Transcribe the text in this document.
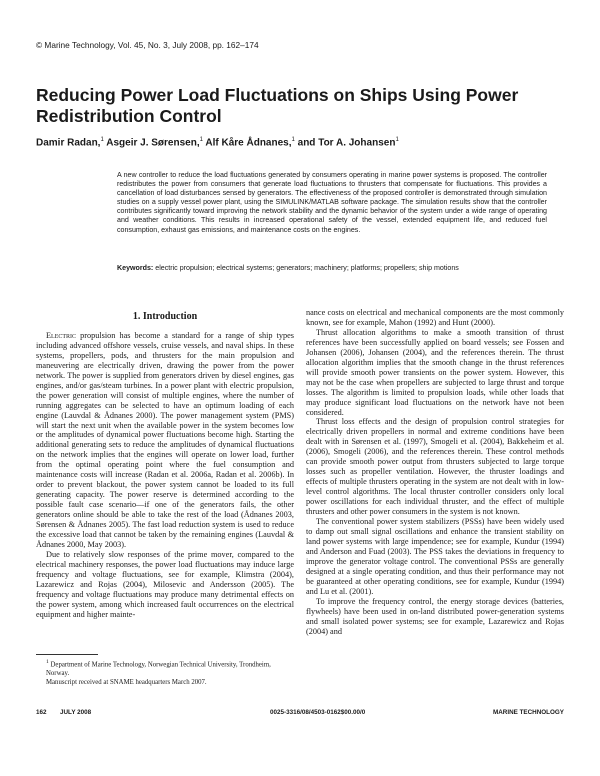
© Marine Technology, Vol. 45, No. 3, July 2008, pp. 162–174
Reducing Power Load Fluctuations on Ships Using Power Redistribution Control
Damir Radan,$^1$ Asgeir J. Sørensen,$^1$ Alf Kåre Ådnanes,$^1$ and Tor A. Johansen$^1$
A new controller to reduce the load fluctuations generated by consumers operating in marine power systems is proposed. The controller redistributes the power from consumers that generate load fluctuations to thrusters that compensate for fluctuations. This provides a cancellation of load disturbances sensed by generators. The effectiveness of the proposed controller is demonstrated through simulation studies on a supply vessel power plant, using the SIMULINK/MATLAB software package. The simulation results show that the controller contributes significantly toward improving the network stability and the dynamic behavior of the system under a wide range of operating and weather conditions. This results in increased operational safety of the vessel, extended equipment life, and reduced fuel consumption, exhaust gas emissions, and maintenance costs on the engines.
Keywords: electric propulsion; electrical systems; generators; machinery; platforms; propellers; ship motions
1. Introduction

Electric propulsion has become a standard for a range of ship types including advanced offshore vessels, cruise vessels, and naval ships. In these systems, propellers, pods, and thrusters for the main propulsion and maneuvering are electrically driven, drawing the power from the power network. The power is supplied from generators driven by diesel engines, gas engines, and/or gas/steam turbines. In a power plant with electric propulsion, the power generation will consist of multiple engines, where the number of running aggregates can be selected to have an optimum loading of each engine (Lauvdal & Ådnanes 2000). The power management system (PMS) will start the next unit when the available power in the system becomes low or the amplitudes of dynamical power fluctuations become high. Starting the additional generating sets to reduce the amplitudes of dynamical fluctuations on the network implies that the engines will operate on lower load, further from the optimal operating point where the fuel consumption and maintenance costs will increase (Radan et al. 2006a, Radan et al. 2006b). In order to prevent blackout, the power system cannot be loaded to its full generating capacity. The power reserve is determined according to the possible fault case scenario—if one of the generators fails, the other generators online should be able to take the rest of the load (Ådnanes 2003, Sørensen & Ådnanes 2005). The fast load reduction system is used to reduce the excessive load that cannot be taken by the remaining engines (Lauvdal & Ådnanes 2000, May 2003).

Due to relatively slow responses of the prime mover, compared to the electrical machinery responses, the power load fluctuations may induce large frequency and voltage fluctuations, see for example, Klimstra (2004), Lazarewicz and Rojas (2004), Milosevic and Andersson (2005). The frequency and voltage fluctuations may produce many detrimental effects on the power system, among which increased fault occurrences on the electrical equipment and higher mainte-

nance costs on electrical and mechanical components are the most commonly known, see for example, Mahon (1992) and Hunt (2000).

Thrust allocation algorithms to make a smooth transition of thrust references have been successfully applied on board vessels; see Fossen and Johansen (2006), Johansen (2004), and the references therein. The thrust allocation algorithm implies that the smooth change in the thrust references will provide smooth power transients on the power system. However, this may not be the case when propellers are subjected to large thrust and torque losses. The algorithm is limited to propulsion loads, while other loads that may produce significant load fluctuations on the network have not been considered.

Thrust loss effects and the design of propulsion control strategies for electrically driven propellers in normal and extreme conditions have been dealt with in Sørensen et al. (1997), Smogeli et al. (2004), Bakkeheim et al. (2006), Smogeli (2006), and the references therein. These control methods can provide smooth power output from thrusters subjected to large torque losses such as propeller ventilation. However, the thruster loadings and effects of multiple thrusters operating in the system are not dealt with in low-level control algorithms. The local thruster controller considers only local power oscillations for each individual thruster, and the effect of multiple thrusters and other power consumers in the system is not known.

The conventional power system stabilizers (PSSs) have been widely used to damp out small signal oscillations and enhance the transient stability on land power systems with large impendence; see for example, Kundur (1994) and Anderson and Fuad (2003). The PSS takes the deviations in frequency to improve the generator voltage control. The conventional PSSs are generally designed at a single operating condition, and thus their performance may not be guaranteed at other operating conditions, see for example, Kundur (1994) and Lu et al. (2001).

To improve the frequency control, the energy storage devices (batteries, flywheels) have been used in on-land distributed power-generation systems and small isolated power systems; see for example, Lazarewicz and Rojas (2004) and

$^1$ Department of Marine Technology, Norwegian Technical University, Trondheim, Norway.

Manuscript received at SNAME headquarters March 2007.

162 JULY 2008	0025-3316/08/4503-0162$00.00/0	MARINE TECHNOLOGY
